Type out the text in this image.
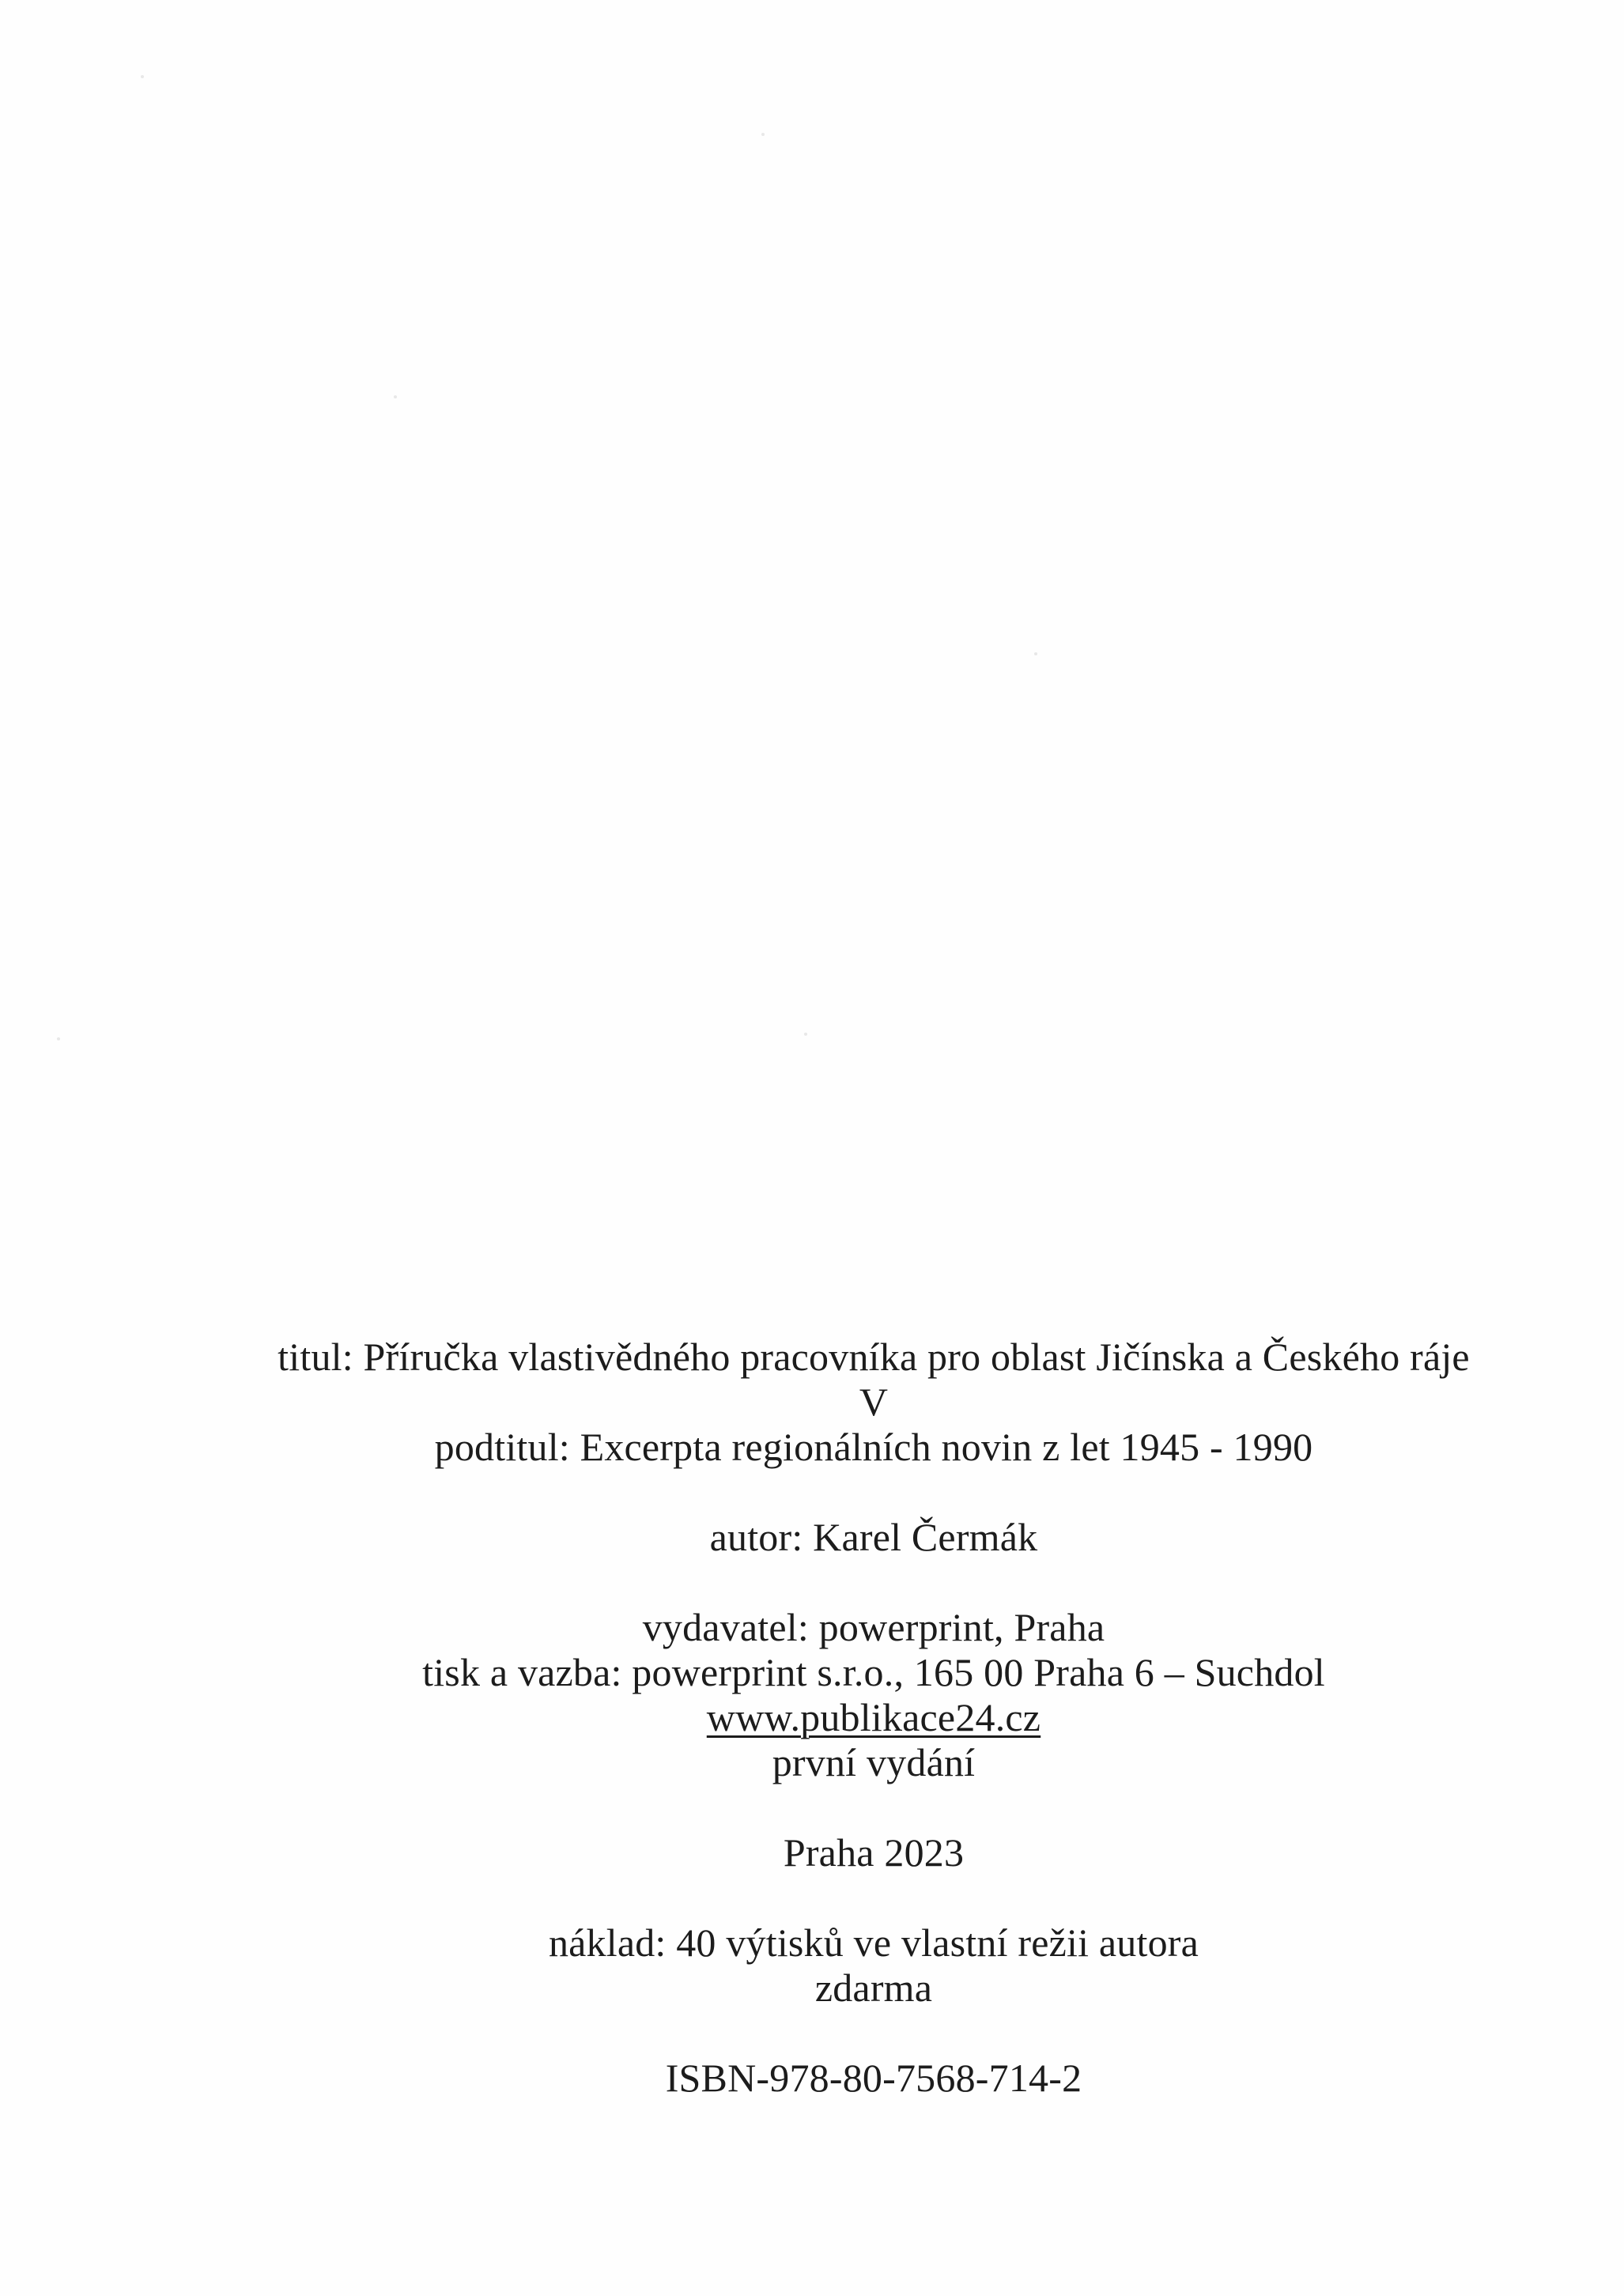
titul: Příručka vlastivědného pracovníka pro oblast Jičínska a Českého ráje
V
podtitul: Excerpta regionálních novin z let 1945 - 1990
autor: Karel Čermák
vydavatel: powerprint, Praha
tisk a vazba: powerprint s.r.o., 165 00 Praha 6 – Suchdol
www.publikace24.cz
první vydání
Praha 2023
náklad: 40 výtisků ve vlastní režii autora
zdarma
ISBN-978-80-7568-714-2
